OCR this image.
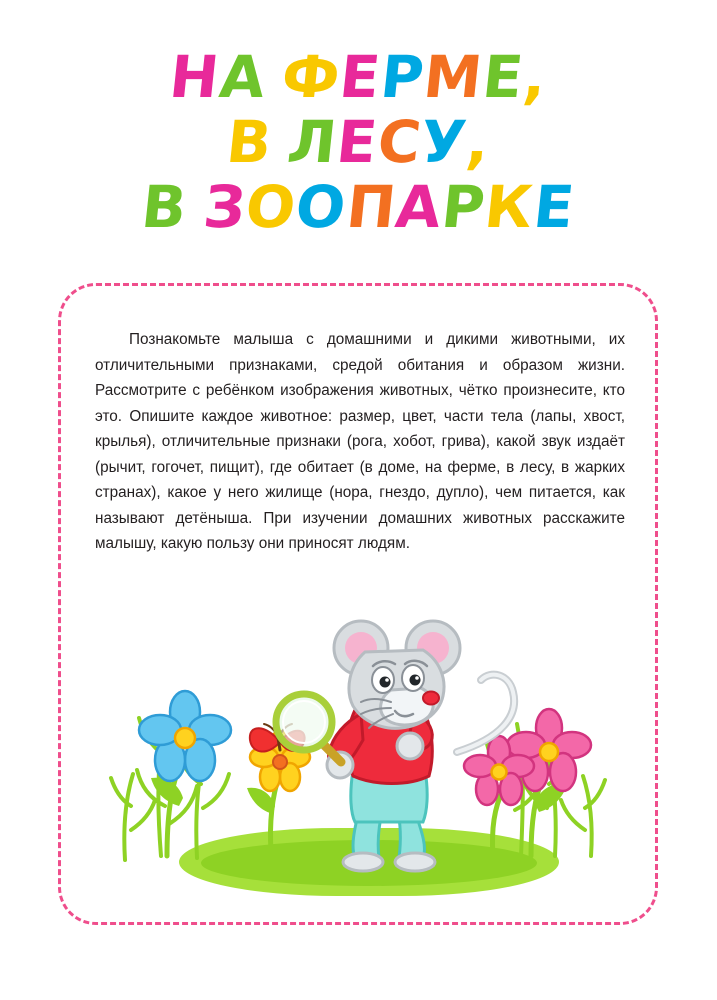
НА ФЕРМЕ,
В ЛЕСУ,
В ЗООПАРКЕ

Познакомьте малыша с домашними и дикими животными, их отличительными признаками, средой обитания и образом жизни. Рассмотрите с ребёнком изображения животных, чётко произнесите, кто это. Опишите каждое животное: размер, цвет, части тела (лапы, хвост, крылья), отличительные признаки (рога, хобот, грива), какой звук издаёт (рычит, гогочет, пищит), где обитает (в доме, на ферме, в лесу, в жарких странах), какое у него жилище (нора, гнездо, дупло), чем питается, как называют детёныша. При изучении домашних животных расскажите малышу, какую пользу они приносят людям.
